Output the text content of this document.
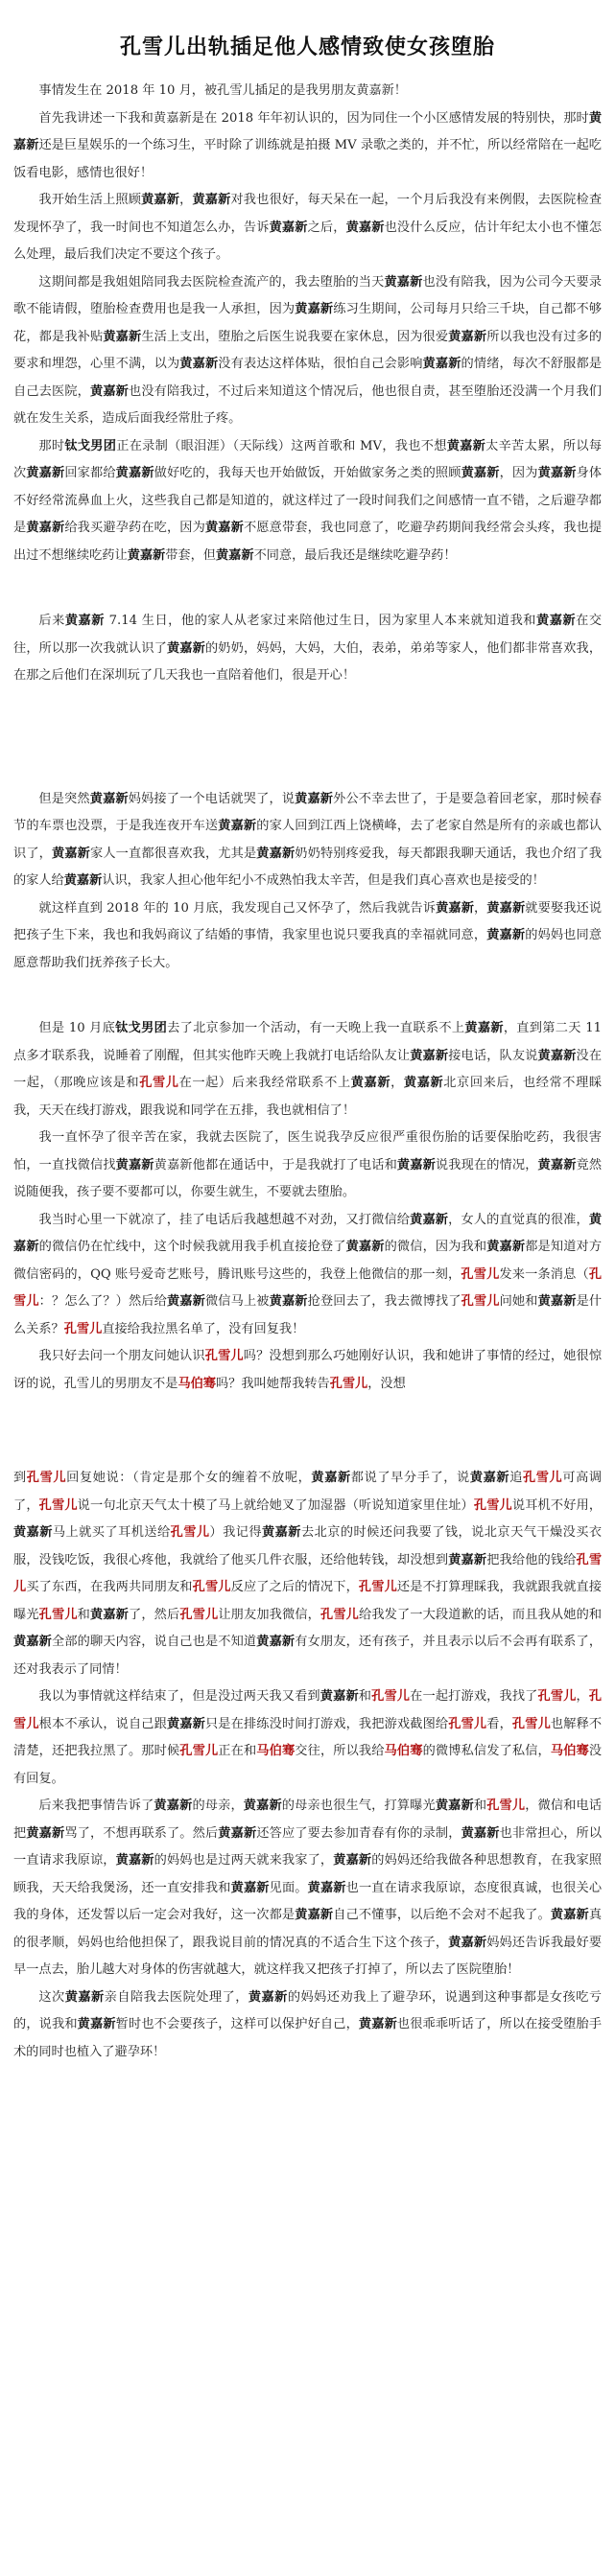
孔雪儿出轨插足他人感情致使女孩堕胎

事情发生在 2018 年 10 月，被孔雪儿插足的是我男朋友黄嘉新！

首先我讲述一下我和黄嘉新是在 2018 年年初认识的，因为同住一个小区感情发展的特别快，那时黄嘉新还是巨星娱乐的一个练习生，平时除了训练就是拍摄 MV 录歌之类的，并不忙，所以经常陪在一起吃饭看电影，感情也很好！

我开始生活上照顾黄嘉新，黄嘉新对我也很好，每天呆在一起，一个月后我没有来例假，去医院检查发现怀孕了，我一时间也不知道怎么办，告诉黄嘉新之后，黄嘉新也没什么反应，估计年纪太小也不懂怎么处理，最后我们决定不要这个孩子。

这期间都是我姐姐陪同我去医院检查流产的，我去堕胎的当天黄嘉新也没有陪我，因为公司今天要录歌不能请假，堕胎检查费用也是我一人承担，因为黄嘉新练习生期间，公司每月只给三千块，自己都不够花，都是我补贴黄嘉新生活上支出，堕胎之后医生说我要在家休息，因为很爱黄嘉新所以我也没有过多的要求和埋怨，心里不满，以为黄嘉新没有表达这样体贴，很怕自己会影响黄嘉新的情绪，每次不舒服都是自己去医院，黄嘉新也没有陪我过，不过后来知道这个情况后，他也很自责，甚至堕胎还没满一个月我们就在发生关系，造成后面我经常肚子疼。

那时钛戈男团正在录制（眼泪涯）（天际线）这两首歌和 MV，我也不想黄嘉新太辛苦太累，所以每次黄嘉新回家都给黄嘉新做好吃的，我每天也开始做饭，开始做家务之类的照顾黄嘉新，因为黄嘉新身体不好经常流鼻血上火，这些我自己都是知道的，就这样过了一段时间我们之间感情一直不错，之后避孕都是黄嘉新给我买避孕药在吃，因为黄嘉新不愿意带套，我也同意了，吃避孕药期间我经常会头疼，我也提出过不想继续吃药让黄嘉新带套，但黄嘉新不同意，最后我还是继续吃避孕药！

后来黄嘉新 7.14 生日，他的家人从老家过来陪他过生日，因为家里人本来就知道我和黄嘉新在交往，所以那一次我就认识了黄嘉新的奶奶，妈妈，大妈，大伯，表弟，弟弟等家人，他们都非常喜欢我，在那之后他们在深圳玩了几天我也一直陪着他们，很是开心！

但是突然黄嘉新妈妈接了一个电话就哭了，说黄嘉新外公不幸去世了，于是要急着回老家，那时候春节的车票也没票，于是我连夜开车送黄嘉新的家人回到江西上饶横峰，去了老家自然是所有的亲戚也都认识了，黄嘉新家人一直都很喜欢我，尤其是黄嘉新奶奶特别疼爱我，每天都跟我聊天通话，我也介绍了我的家人给黄嘉新认识，我家人担心他年纪小不成熟怕我太辛苦，但是我们真心喜欢也是接受的！

就这样直到 2018 年的 10 月底，我发现自己又怀孕了，然后我就告诉黄嘉新，黄嘉新就要娶我还说把孩子生下来，我也和我妈商议了结婚的事情，我家里也说只要我真的幸福就同意，黄嘉新的妈妈也同意愿意帮助我们抚养孩子长大。

但是 10 月底钛戈男团去了北京参加一个活动，有一天晚上我一直联系不上黄嘉新，直到第二天 11 点多才联系我，说睡着了刚醒，但其实他昨天晚上我就打电话给队友让黄嘉新接电话，队友说黄嘉新没在一起，（那晚应该是和孔雪儿在一起）后来我经常联系不上黄嘉新，黄嘉新北京回来后，也经常不理睬我，天天在线打游戏，跟我说和同学在五排，我也就相信了！

我一直怀孕了很辛苦在家，我就去医院了，医生说我孕反应很严重很伤胎的话要保胎吃药，我很害怕，一直找微信找黄嘉新黄嘉新他都在通话中，于是我就打了电话和黄嘉新说我现在的情况，黄嘉新竟然说随便我，孩子要不要都可以，你要生就生，不要就去堕胎。

我当时心里一下就凉了，挂了电话后我越想越不对劲，又打微信给黄嘉新，女人的直觉真的很准，黄嘉新的微信仍在忙线中，这个时候我就用我手机直接抢登了黄嘉新的微信，因为我和黄嘉新都是知道对方微信密码的，QQ 账号爱奇艺账号，腾讯账号这些的，我登上他微信的那一刻，孔雪儿发来一条消息（孔雪儿：？怎么了？）然后给黄嘉新微信马上被黄嘉新抢登回去了，我去微博找了孔雪儿问她和黄嘉新是什么关系？孔雪儿直接给我拉黑名单了，没有回复我！

我只好去问一个朋友问她认识孔雪儿吗？没想到那么巧她刚好认识，我和她讲了事情的经过，她很惊讶的说，孔雪儿的男朋友不是马伯骞吗？我叫她帮我转告孔雪儿，没想

到孔雪儿回复她说：（肯定是那个女的缠着不放呢，黄嘉新都说了早分手了，说黄嘉新追孔雪儿可高调了，孔雪儿说一句北京天气太十模了马上就给她叉了加湿器（听说知道家里住址）孔雪儿说耳机不好用，黄嘉新马上就买了耳机送给孔雪儿）我记得黄嘉新去北京的时候还问我要了钱，说北京天气干燥没买衣服，没钱吃饭，我很心疼他，我就给了他买几件衣服，还给他转钱，却没想到黄嘉新把我给他的钱给孔雪儿买了东西，在我两共同朋友和孔雪儿反应了之后的情况下，孔雪儿还是不打算理睬我，我就跟我就直接曝光孔雪儿和黄嘉新了，然后孔雪儿让朋友加我微信，孔雪儿给我发了一大段道歉的话，而且我从她的和黄嘉新全部的聊天内容，说自己也是不知道黄嘉新有女朋友，还有孩子，并且表示以后不会再有联系了，还对我表示了同情！

我以为事情就这样结束了，但是没过两天我又看到黄嘉新和孔雪儿在一起打游戏，我找了孔雪儿，孔雪儿根本不承认，说自己跟黄嘉新只是在排练没时间打游戏，我把游戏截图给孔雪儿看，孔雪儿也解释不清楚，还把我拉黑了。那时候孔雪儿正在和马伯骞交往，所以我给马伯骞的微博私信发了私信，马伯骞没有回复。

后来我把事情告诉了黄嘉新的母亲，黄嘉新的母亲也很生气，打算曝光黄嘉新和孔雪儿，微信和电话把黄嘉新骂了，不想再联系了。然后黄嘉新还答应了要去参加青春有你的录制，黄嘉新也非常担心，所以一直请求我原谅，黄嘉新的妈妈也是过两天就来我家了，黄嘉新的妈妈还给我做各种思想教育，在我家照顾我，天天给我煲汤，还一直安排我和黄嘉新见面。黄嘉新也一直在请求我原谅，态度很真诚，也很关心我的身体，还发誓以后一定会对我好，这一次都是黄嘉新自己不懂事，以后绝不会对不起我了。黄嘉新真的很孝顺，妈妈也给他担保了，跟我说目前的情况真的不适合生下这个孩子，黄嘉新妈妈还告诉我最好要早一点去，胎儿越大对身体的伤害就越大，就这样我又把孩子打掉了，所以去了医院堕胎！

这次黄嘉新亲自陪我去医院处理了，黄嘉新的妈妈还劝我上了避孕环，说遇到这种事都是女孩吃亏的，说我和黄嘉新暂时也不会要孩子，这样可以保护好自己，黄嘉新也很乖乖听话了，所以在接受堕胎手术的同时也植入了避孕环！
